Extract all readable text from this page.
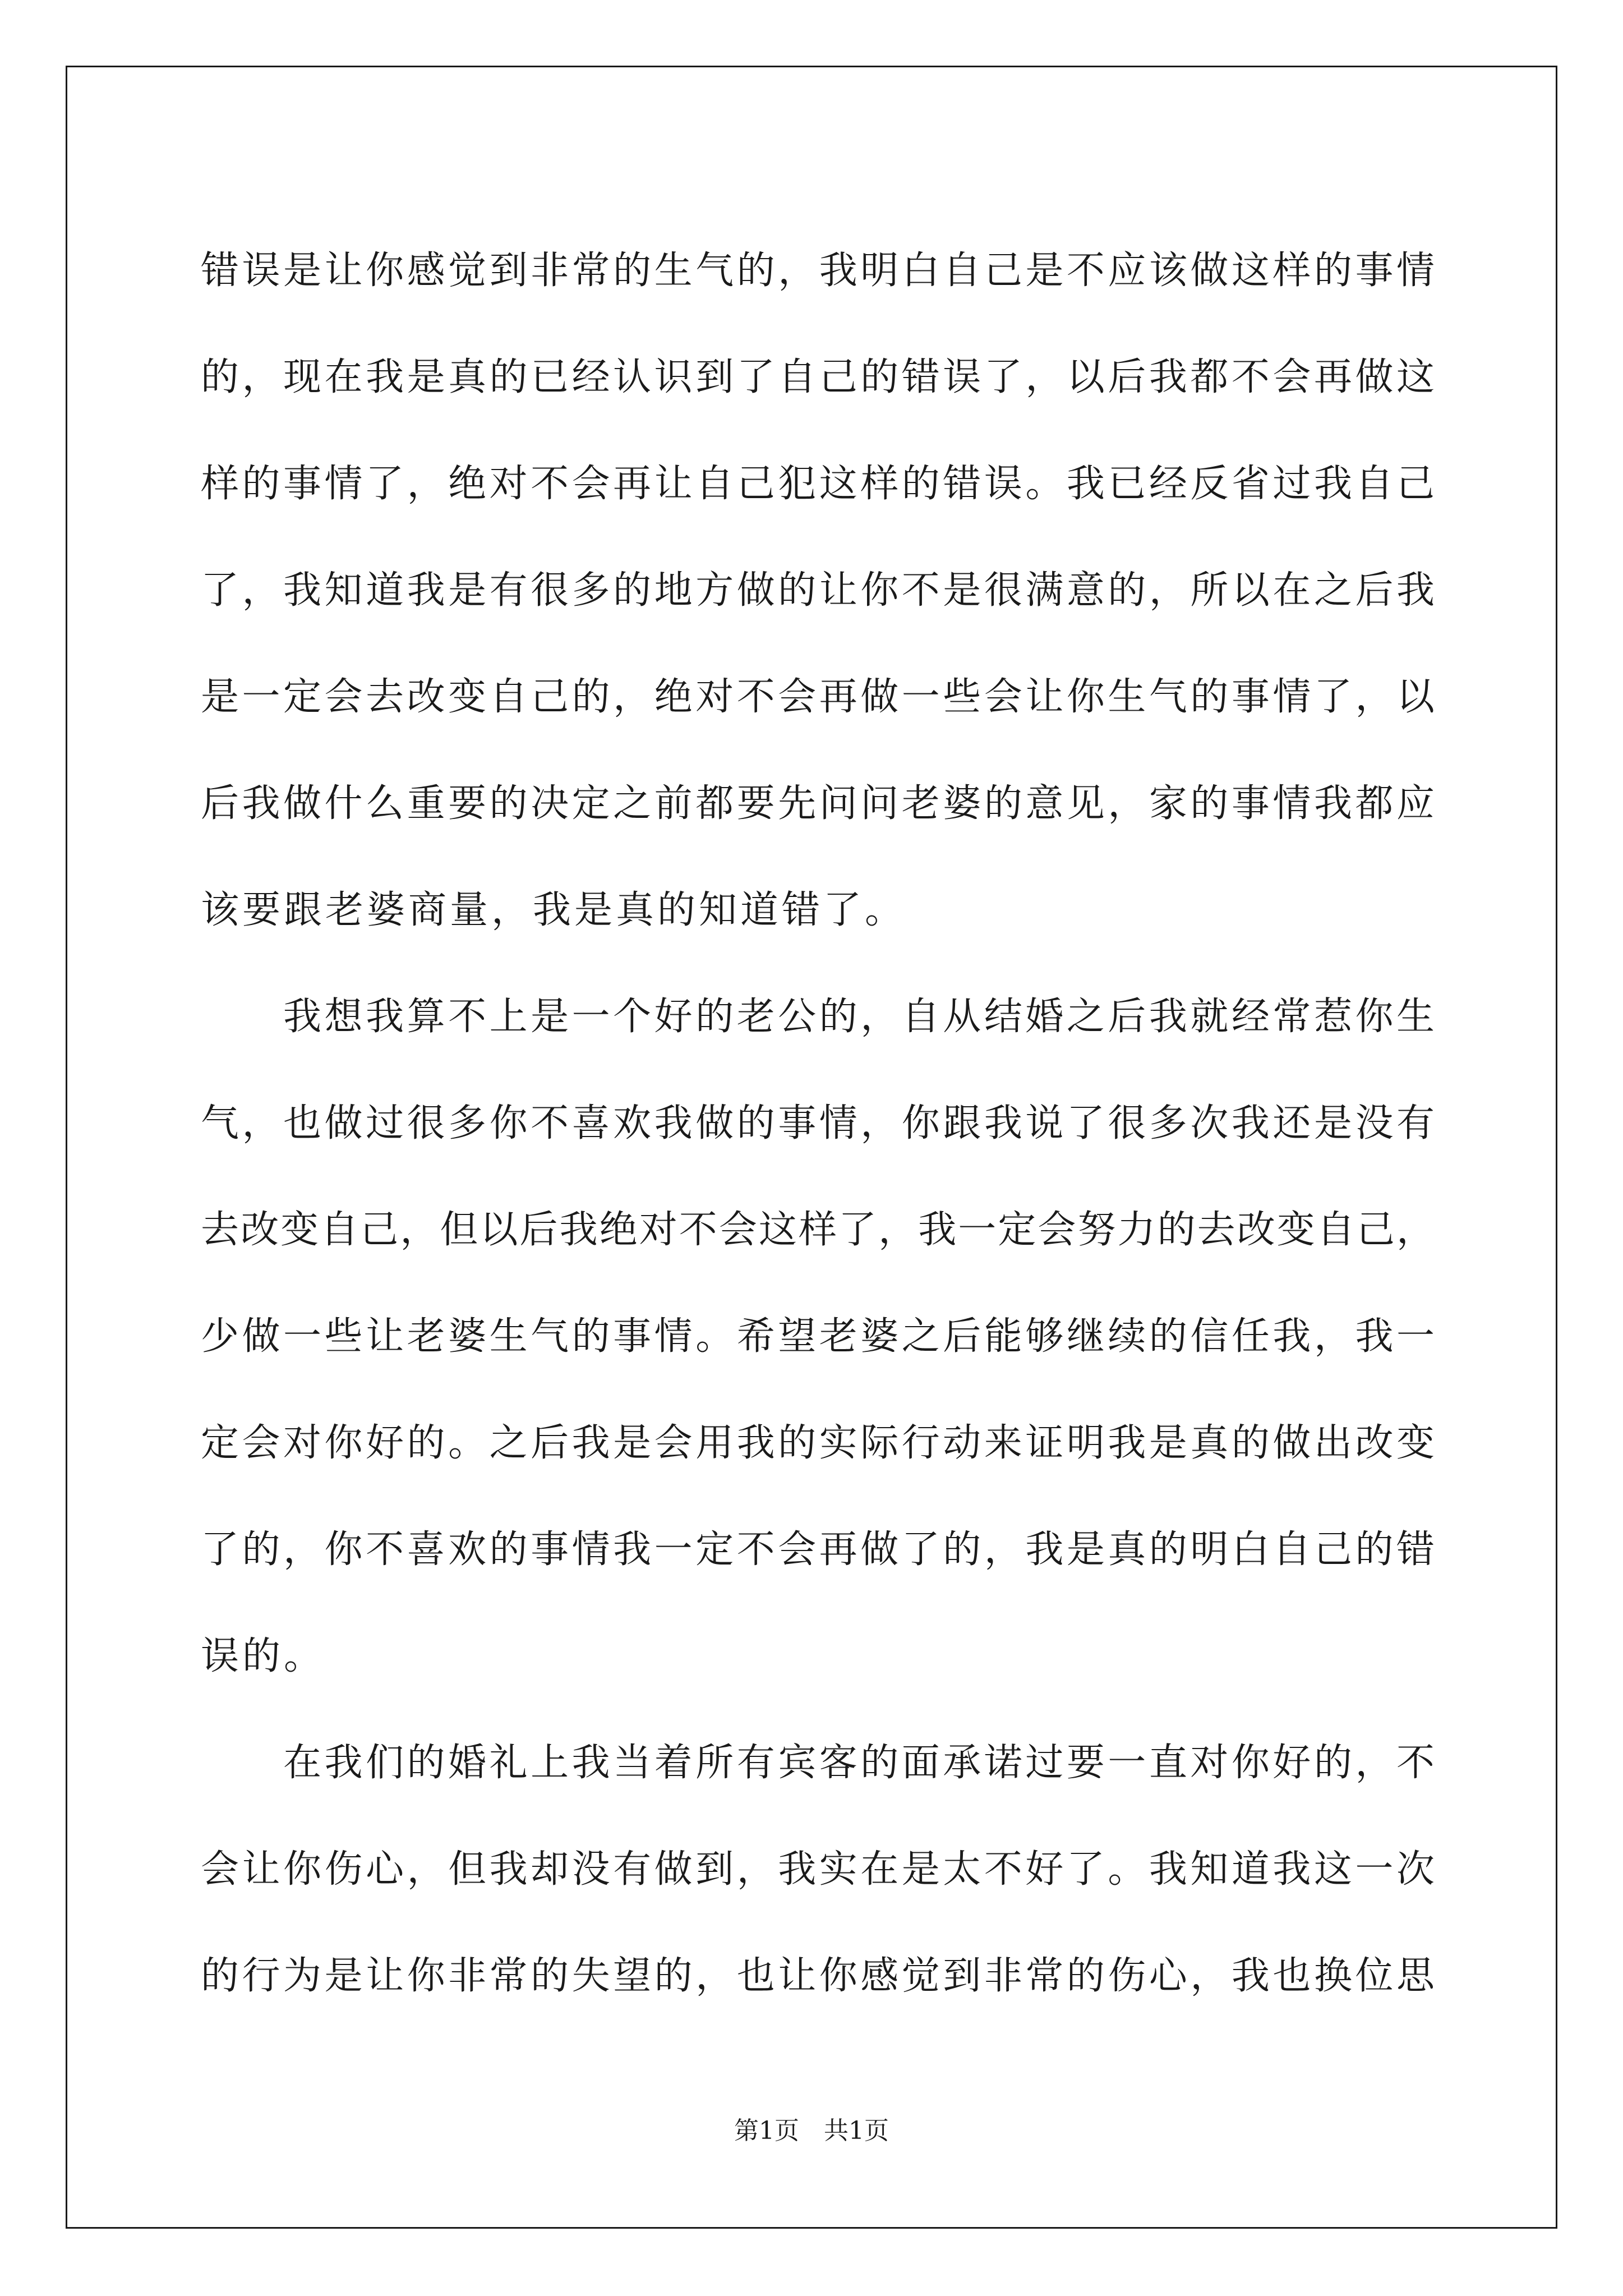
错误是让你感觉到非常的生气的，我明白自己是不应该做这样的事情
的，现在我是真的已经认识到了自己的错误了，以后我都不会再做这
样的事情了，绝对不会再让自己犯这样的错误。我已经反省过我自己
了，我知道我是有很多的地方做的让你不是很满意的，所以在之后我
是一定会去改变自己的，绝对不会再做一些会让你生气的事情了，以
后我做什么重要的决定之前都要先问问老婆的意见，家的事情我都应
该要跟老婆商量，我是真的知道错了。
　　我想我算不上是一个好的老公的，自从结婚之后我就经常惹你生
气，也做过很多你不喜欢我做的事情，你跟我说了很多次我还是没有
去改变自己，但以后我绝对不会这样了，我一定会努力的去改变自己，
少做一些让老婆生气的事情。希望老婆之后能够继续的信任我，我一
定会对你好的。之后我是会用我的实际行动来证明我是真的做出改变
了的，你不喜欢的事情我一定不会再做了的，我是真的明白自己的错
误的。
　　在我们的婚礼上我当着所有宾客的面承诺过要一直对你好的，不
会让你伤心，但我却没有做到，我实在是太不好了。我知道我这一次
的行为是让你非常的失望的，也让你感觉到非常的伤心，我也换位思
第1页　共1页
